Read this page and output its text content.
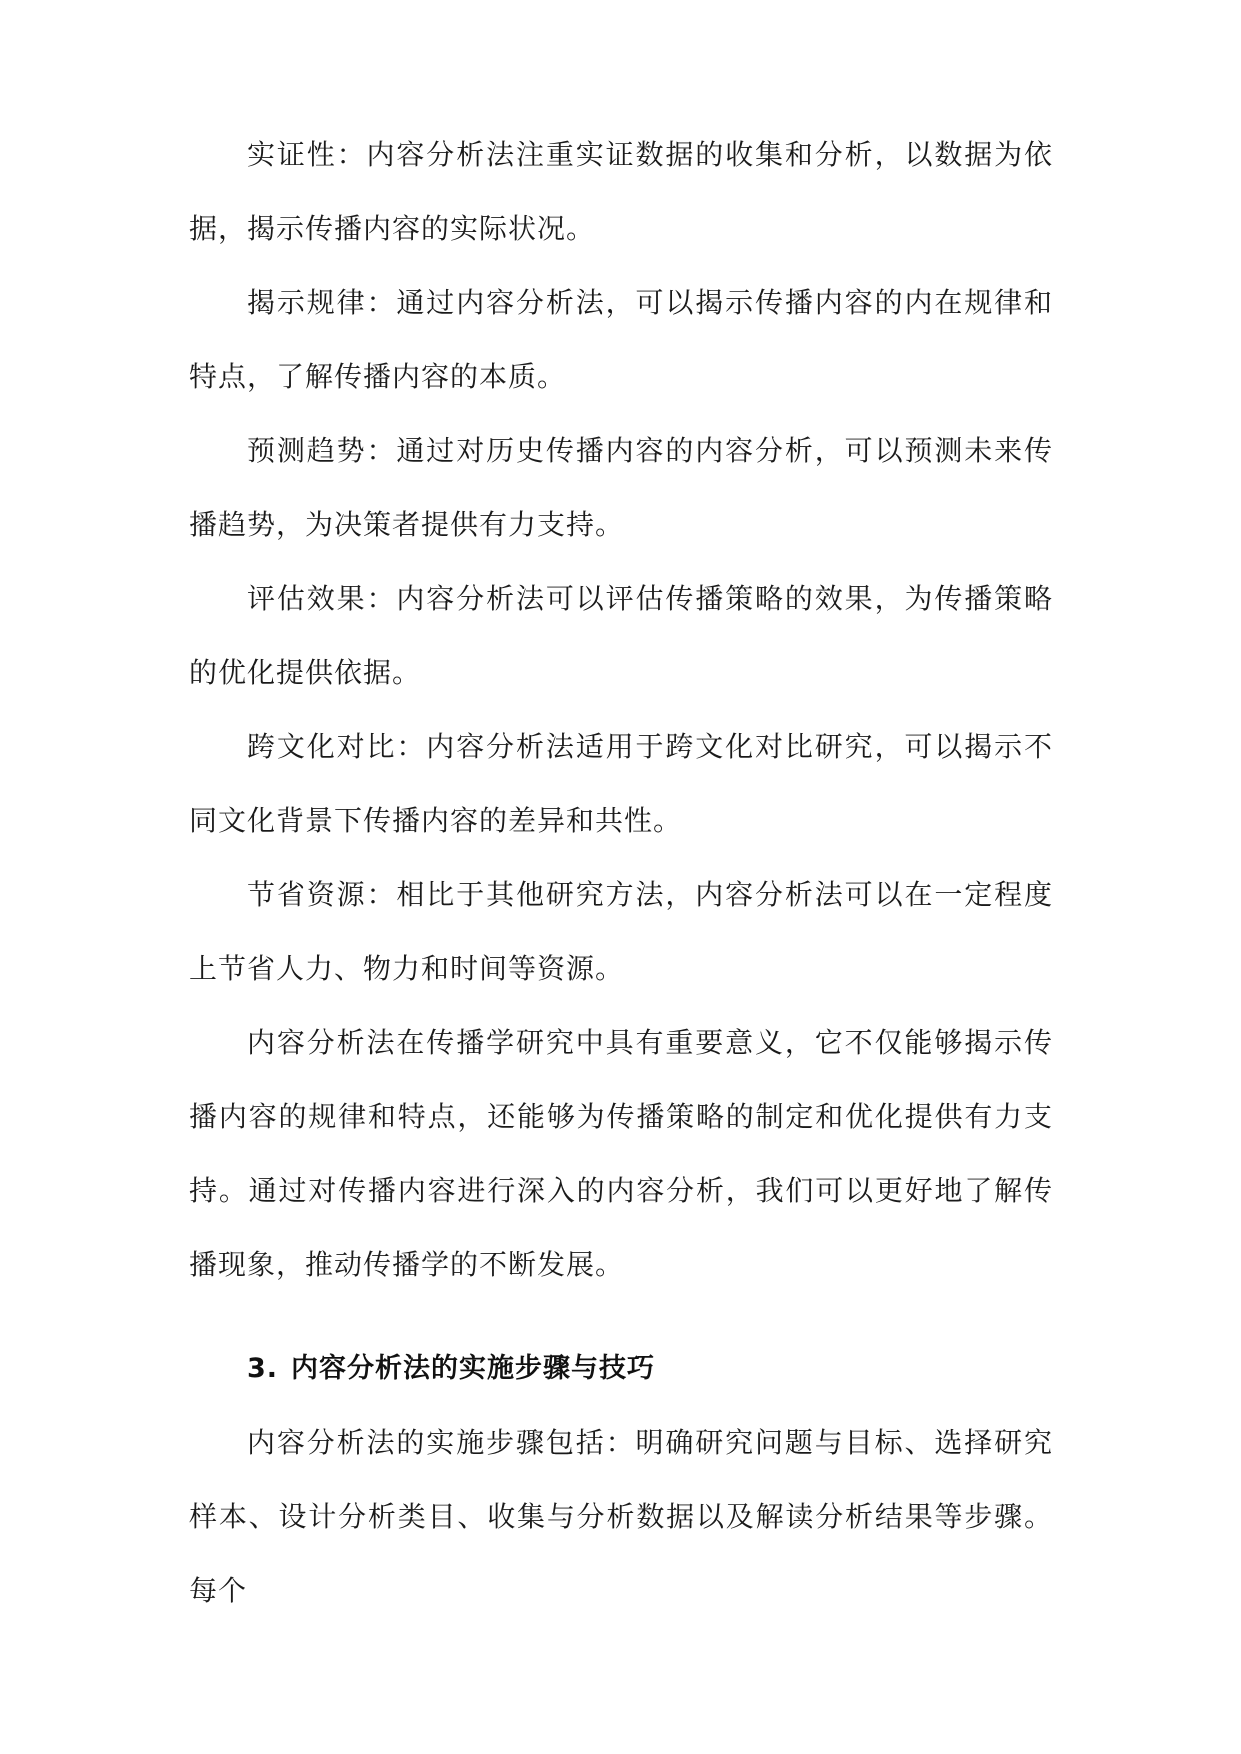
实证性：内容分析法注重实证数据的收集和分析，以数据为依据，揭示传播内容的实际状况。

揭示规律：通过内容分析法，可以揭示传播内容的内在规律和特点，了解传播内容的本质。

预测趋势：通过对历史传播内容的内容分析，可以预测未来传播趋势，为决策者提供有力支持。

评估效果：内容分析法可以评估传播策略的效果，为传播策略的优化提供依据。

跨文化对比：内容分析法适用于跨文化对比研究，可以揭示不同文化背景下传播内容的差异和共性。

节省资源：相比于其他研究方法，内容分析法可以在一定程度上节省人力、物力和时间等资源。

内容分析法在传播学研究中具有重要意义，它不仅能够揭示传播内容的规律和特点，还能够为传播策略的制定和优化提供有力支持。通过对传播内容进行深入的内容分析，我们可以更好地了解传播现象，推动传播学的不断发展。

3. 内容分析法的实施步骤与技巧

内容分析法的实施步骤包括：明确研究问题与目标、选择研究样本、设计分析类目、收集与分析数据以及解读分析结果等步骤。每个
